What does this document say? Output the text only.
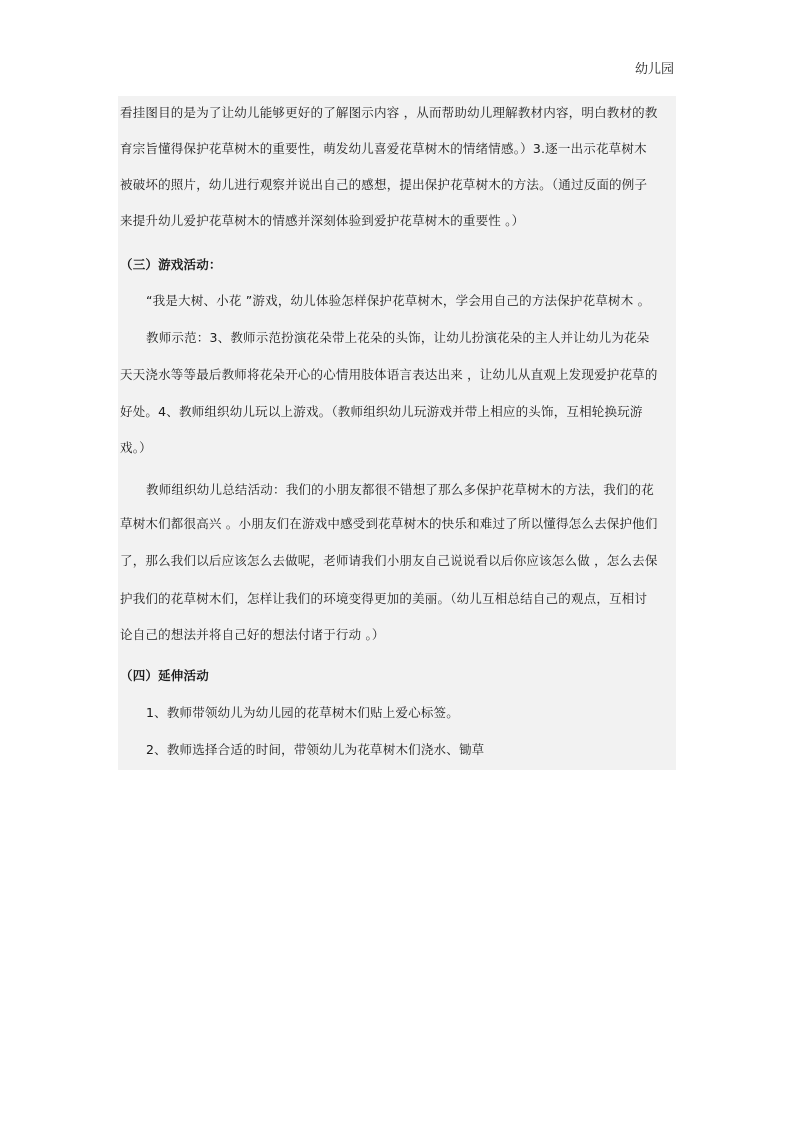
幼儿园
看挂图目的是为了让幼儿能够更好的了解图示内容 ，从而帮助幼儿理解教材内容，明白教材的教
育宗旨懂得保护花草树木的重要性，萌发幼儿喜爱花草树木的情绪情感。）3.逐一出示花草树木
被破坏的照片，幼儿进行观察并说出自己的感想，提出保护花草树木的方法。（通过反面的例子
来提升幼儿爱护花草树木的情感并深刻体验到爱护花草树木的重要性 。）
（三）游戏活动：
“我是大树、小花 ”游戏，幼儿体验怎样保护花草树木，学会用自己的方法保护花草树木 。
教师示范：3、教师示范扮演花朵带上花朵的头饰，让幼儿扮演花朵的主人并让幼儿为花朵
天天浇水等等最后教师将花朵开心的心情用肢体语言表达出来 ，让幼儿从直观上发现爱护花草的
好处。4、教师组织幼儿玩以上游戏。（教师组织幼儿玩游戏并带上相应的头饰，互相轮换玩游
戏。）
教师组织幼儿总结活动：我们的小朋友都很不错想了那么多保护花草树木的方法，我们的花
草树木们都很高兴 。小朋友们在游戏中感受到花草树木的快乐和难过了所以懂得怎么去保护他们
了，那么我们以后应该怎么去做呢，老师请我们小朋友自己说说看以后你应该怎么做 ，怎么去保
护我们的花草树木们，怎样让我们的环境变得更加的美丽。（幼儿互相总结自己的观点，互相讨
论自己的想法并将自己好的想法付诸于行动 。）
（四）延伸活动
1、教师带领幼儿为幼儿园的花草树木们贴上爱心标签。
2、教师选择合适的时间，带领幼儿为花草树木们浇水、锄草
